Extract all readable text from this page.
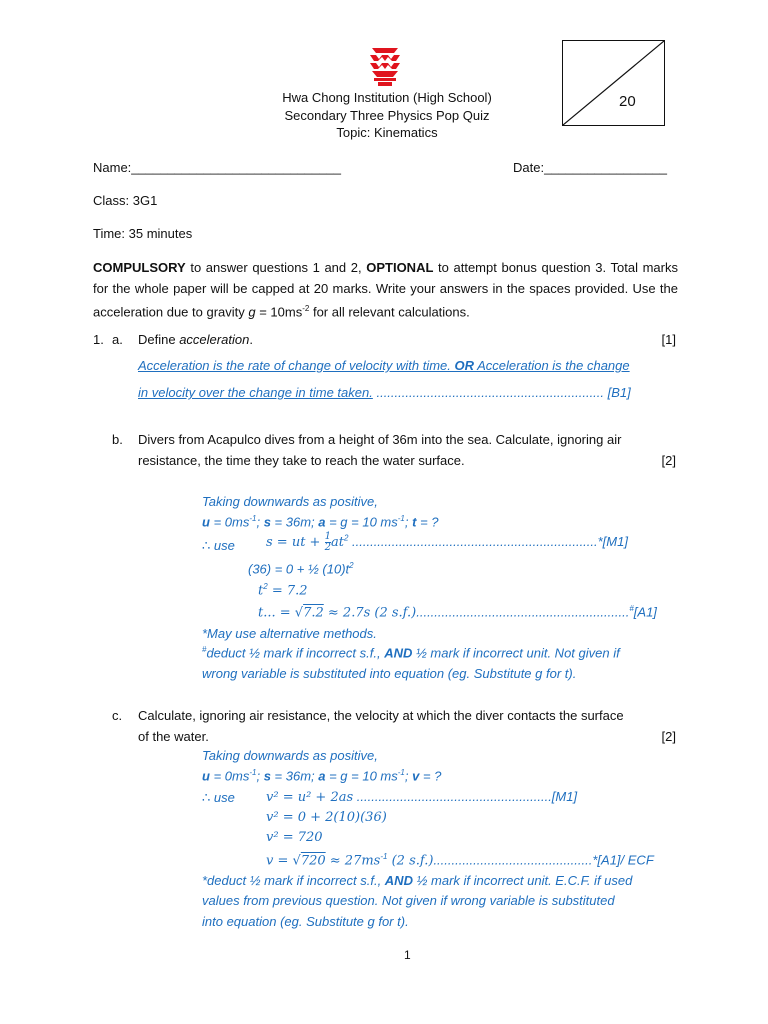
Hwa Chong Institution (High School)
Secondary Three Physics Pop Quiz
Topic: Kinematics
20
Name:_____________________________	Date:_________________
Class: 3G1
Time: 35 minutes
COMPULSORY to answer questions 1 and 2, OPTIONAL to attempt bonus question 3. Total marks for the whole paper will be capped at 20 marks. Write your answers in the spaces provided. Use the acceleration due to gravity $g = 10ms^{-2}$ for all relevant calculations.
1. a. Define acceleration.	[1]
Acceleration is the rate of change of velocity with time. OR Acceleration is the change
in velocity over the change in time taken. ............................................................... [B1]
b. Divers from Acapulco dives from a height of 36m into the sea. Calculate, ignoring air
resistance, the time they take to reach the water surface.	[2]
Taking downwards as positive,
$u = 0ms^{-1}$; s = 36m; a = g = 10 $ms^{-1}$; t = ?
∴ use s = ut + $\frac{1}{2} at^2$ ....................................................................*[M1]
(36) = 0 + ½ $(10)t^2$
$t^2 = 7.2$
t... = √7.2 ≈ 2.7s (2 s.f.)...........................................................#[A1]
*May use alternative methods.
#deduct ½ mark if incorrect s.f., AND ½ mark if incorrect unit. Not given if
wrong variable is substituted into equation (eg. Substitute g for t).
c. Calculate, ignoring air resistance, the velocity at which the diver contacts the surface
of the water.	[2]
Taking downwards as positive,
$u = 0ms^{-1}$; s = 36m; a = g = 10 $ms^{-1}$; v = ?
∴ use v² = u² + 2as ......................................................[M1]
v² = 0 + 2(10)(36)
v² = 720
$v = √720 \approx 27ms^{-1}$ (2 s.f.)............................................*[A1]/ ECF
*deduct ½ mark if incorrect s.f., AND ½ mark if incorrect unit. E.C.F. if used
values from previous question. Not given if wrong variable is substituted
into equation (eg. Substitute g for t).
1
